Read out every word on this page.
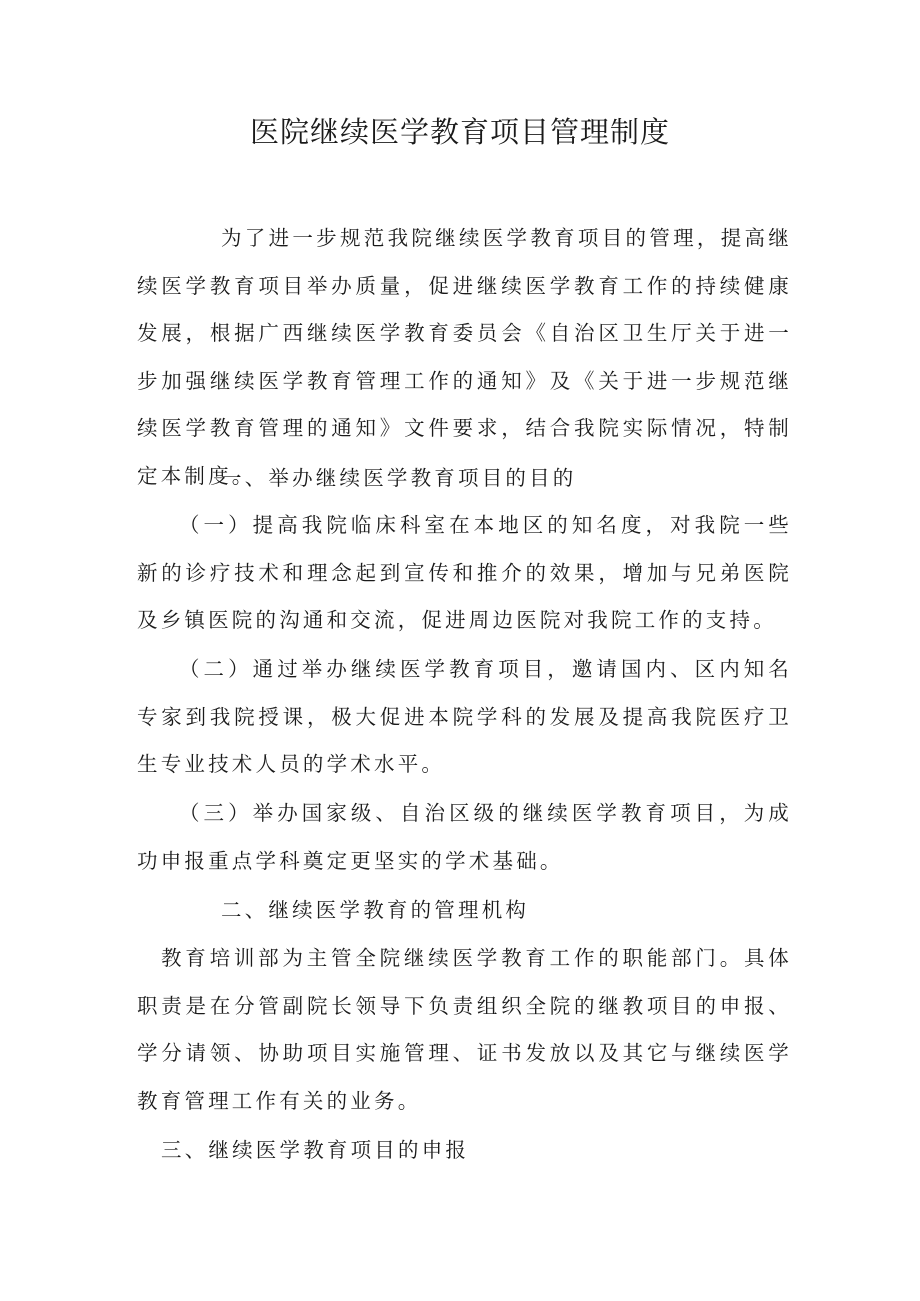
医院继续医学教育项目管理制度

为了进一步规范我院继续医学教育项目的管理，提高继续医学教育项目举办质量，促进继续医学教育工作的持续健康发展，根据广西继续医学教育委员会《自治区卫生厅关于进一步加强继续医学教育管理工作的通知》及《关于进一步规范继续医学教育管理的通知》文件要求，结合我院实际情况，特制定本制度。

一、举办继续医学教育项目的目的

（一）提高我院临床科室在本地区的知名度，对我院一些新的诊疗技术和理念起到宣传和推介的效果，增加与兄弟医院及乡镇医院的沟通和交流，促进周边医院对我院工作的支持。

（二）通过举办继续医学教育项目，邀请国内、区内知名专家到我院授课，极大促进本院学科的发展及提高我院医疗卫生专业技术人员的学术水平。

（三）举办国家级、自治区级的继续医学教育项目，为成功申报重点学科奠定更坚实的学术基础。

二、继续医学教育的管理机构

教育培训部为主管全院继续医学教育工作的职能部门。具体职责是在分管副院长领导下负责组织全院的继教项目的申报、学分请领、协助项目实施管理、证书发放以及其它与继续医学教育管理工作有关的业务。

三、继续医学教育项目的申报
